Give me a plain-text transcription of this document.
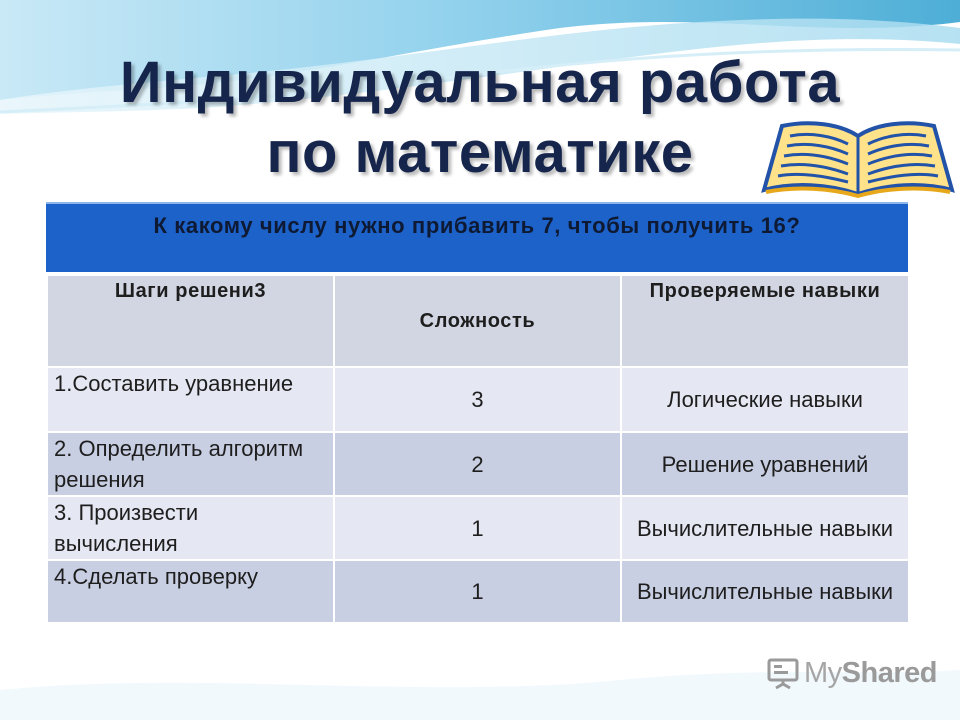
Индивидуальная работа
по математике
К какому числу нужно прибавить 7, чтобы получить 16?
Шаги решени3	Сложность	Проверяемые навыки
1.Составить уравнение	3	Логические навыки
2. Определить алгоритм решения	2	Решение уравнений
3. Произвести вычисления	1	Вычислительные навыки
4.Сделать проверку	1	Вычислительные навыки
MyShared
